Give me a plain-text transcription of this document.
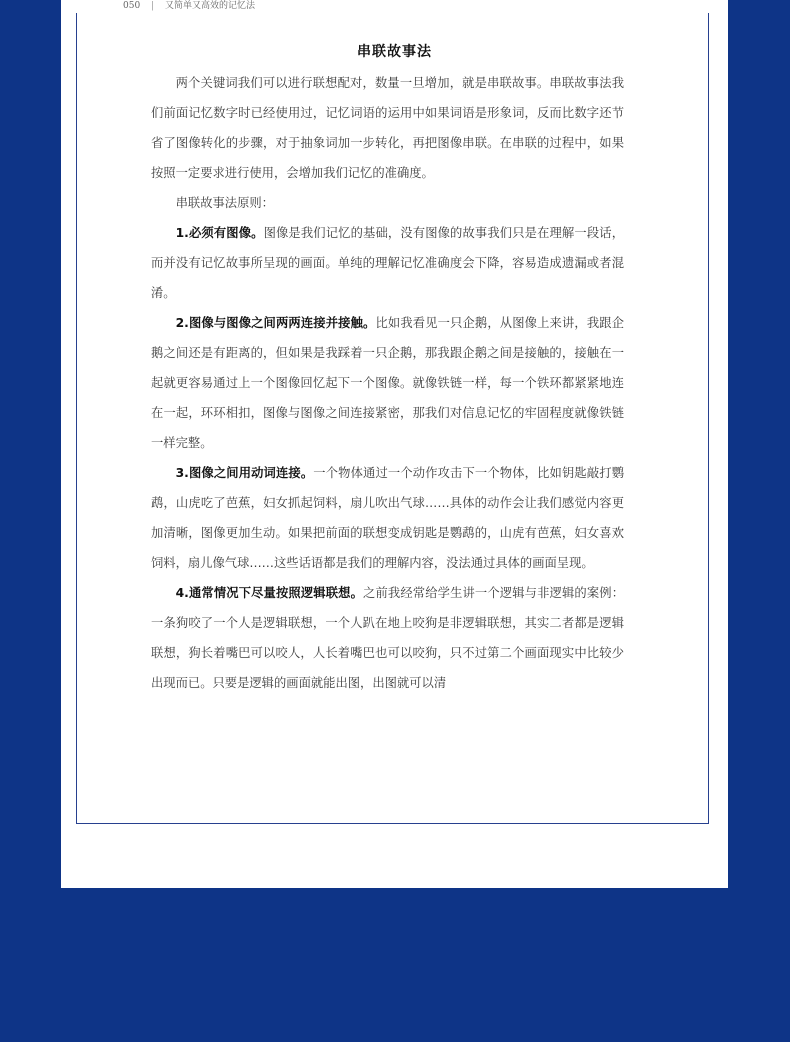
050 | 又简单又高效的记忆法
串联故事法

两个关键词我们可以进行联想配对，数量一旦增加，就是串联故事。串联故事法我们前面记忆数字时已经使用过，记忆词语的运用中如果词语是形象词，反而比数字还节省了图像转化的步骤，对于抽象词加一步转化，再把图像串联。在串联的过程中，如果按照一定要求进行使用，会增加我们记忆的准确度。

串联故事法原则：

1.必须有图像。图像是我们记忆的基础，没有图像的故事我们只是在理解一段话，而并没有记忆故事所呈现的画面。单纯的理解记忆准确度会下降，容易造成遗漏或者混淆。

2.图像与图像之间两两连接并接触。比如我看见一只企鹅，从图像上来讲，我跟企鹅之间还是有距离的，但如果是我踩着一只企鹅，那我跟企鹅之间是接触的，接触在一起就更容易通过上一个图像回忆起下一个图像。就像铁链一样，每一个铁环都紧紧地连在一起，环环相扣，图像与图像之间连接紧密，那我们对信息记忆的牢固程度就像铁链一样完整。

3.图像之间用动词连接。一个物体通过一个动作攻击下一个物体，比如钥匙敲打鹦鹉，山虎吃了芭蕉，妇女抓起饲料，扇儿吹出气球……具体的动作会让我们感觉内容更加清晰，图像更加生动。如果把前面的联想变成钥匙是鹦鹉的，山虎有芭蕉，妇女喜欢饲料，扇儿像气球……这些话语都是我们的理解内容，没法通过具体的画面呈现。

4.通常情况下尽量按照逻辑联想。之前我经常给学生讲一个逻辑与非逻辑的案例：一条狗咬了一个人是逻辑联想，一个人趴在地上咬狗是非逻辑联想，其实二者都是逻辑联想，狗长着嘴巴可以咬人，人长着嘴巴也可以咬狗，只不过第二个画面现实中比较少出现而已。只要是逻辑的画面就能出图，出图就可以清
